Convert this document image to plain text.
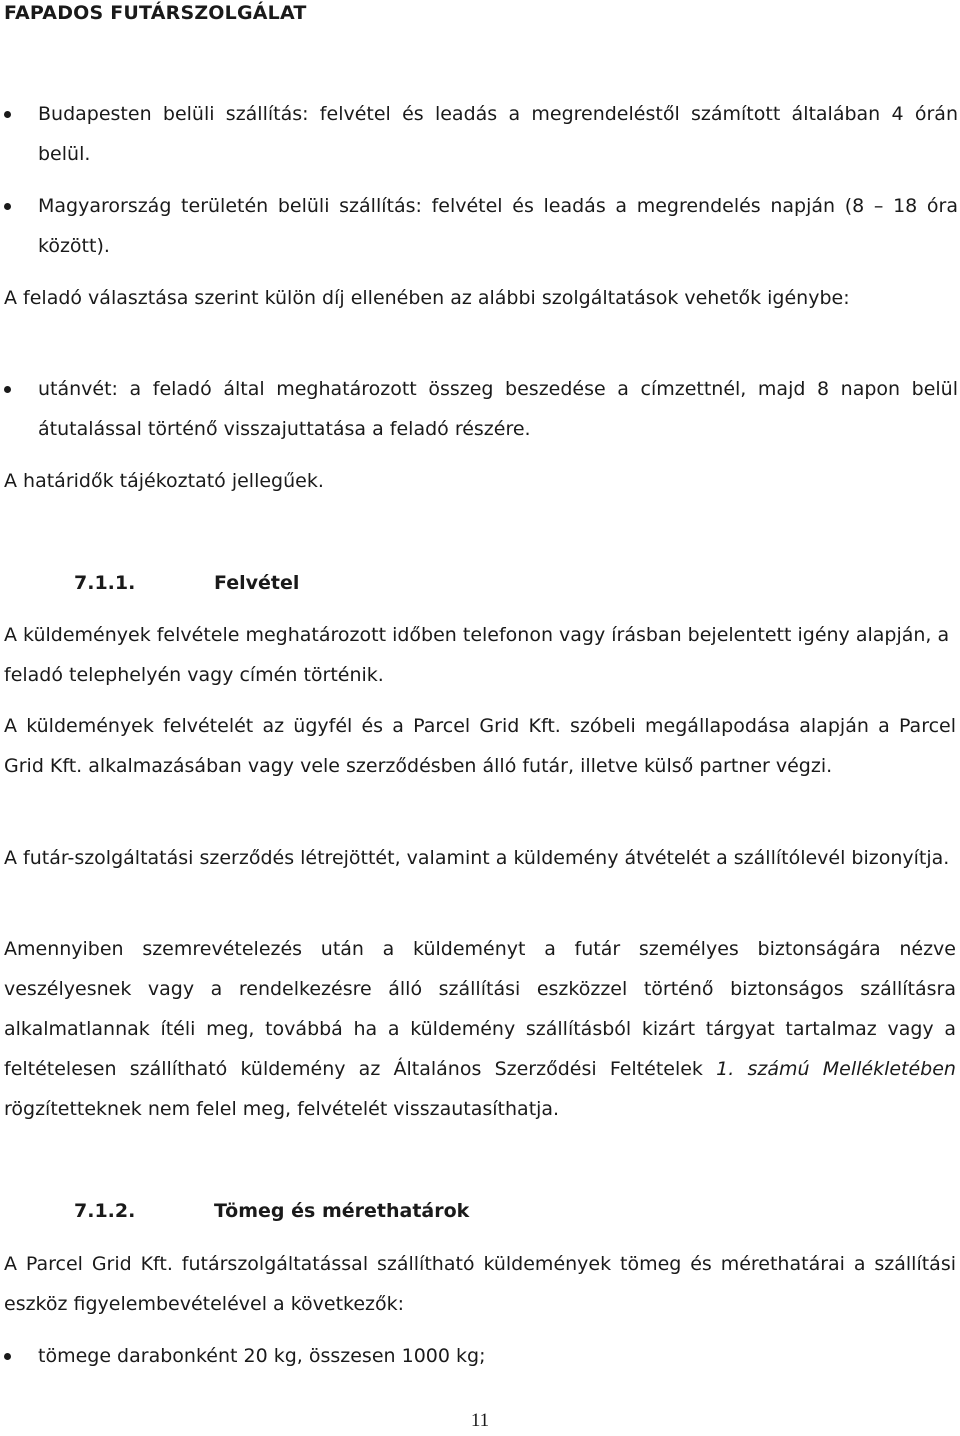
FAPADOS FUTÁRSZOLGÁLAT
Budapesten belüli szállítás: felvétel és leadás a megrendeléstől számított általában 4 órán belül.
Magyarország területén belüli szállítás: felvétel és leadás a megrendelés napján (8 – 18 óra között).
A feladó választása szerint külön díj ellenében az alábbi szolgáltatások vehetők igénybe:
utánvét: a feladó által meghatározott összeg beszedése a címzettnél, majd 8 napon belül átutalással történő visszajuttatása a feladó részére.
A határidők tájékoztató jellegűek.
7.1.1.	Felvétel
A küldemények felvétele meghatározott időben telefonon vagy írásban bejelentett igény alapján, a feladó telephelyén vagy címén történik.
A küldemények felvételét az ügyfél és a Parcel Grid Kft. szóbeli megállapodása alapján a Parcel Grid Kft. alkalmazásában vagy vele szerződésben álló futár, illetve külső partner végzi.
A futár-szolgáltatási szerződés létrejöttét, valamint a küldemény átvételét a szállítólevél bizonyítja.
Amennyiben szemrevételezés után a küldeményt a futár személyes biztonságára nézve veszélyesnek vagy a rendelkezésre álló szállítási eszközzel történő biztonságos szállításra alkalmatlannak ítéli meg, továbbá ha a küldemény szállításból kizárt tárgyat tartalmaz vagy a feltételesen szállítható küldemény az Általános Szerződési Feltételek 1. számú Mellékletében rögzítetteknek nem felel meg, felvételét visszautasíthatja.
7.1.2.	Tömeg és mérethatárok
A Parcel Grid Kft. futárszolgáltatással szállítható küldemények tömeg és mérethatárai a szállítási eszköz figyelembevételével a következők:
tömege darabonként 20 kg, összesen 1000 kg;
11
